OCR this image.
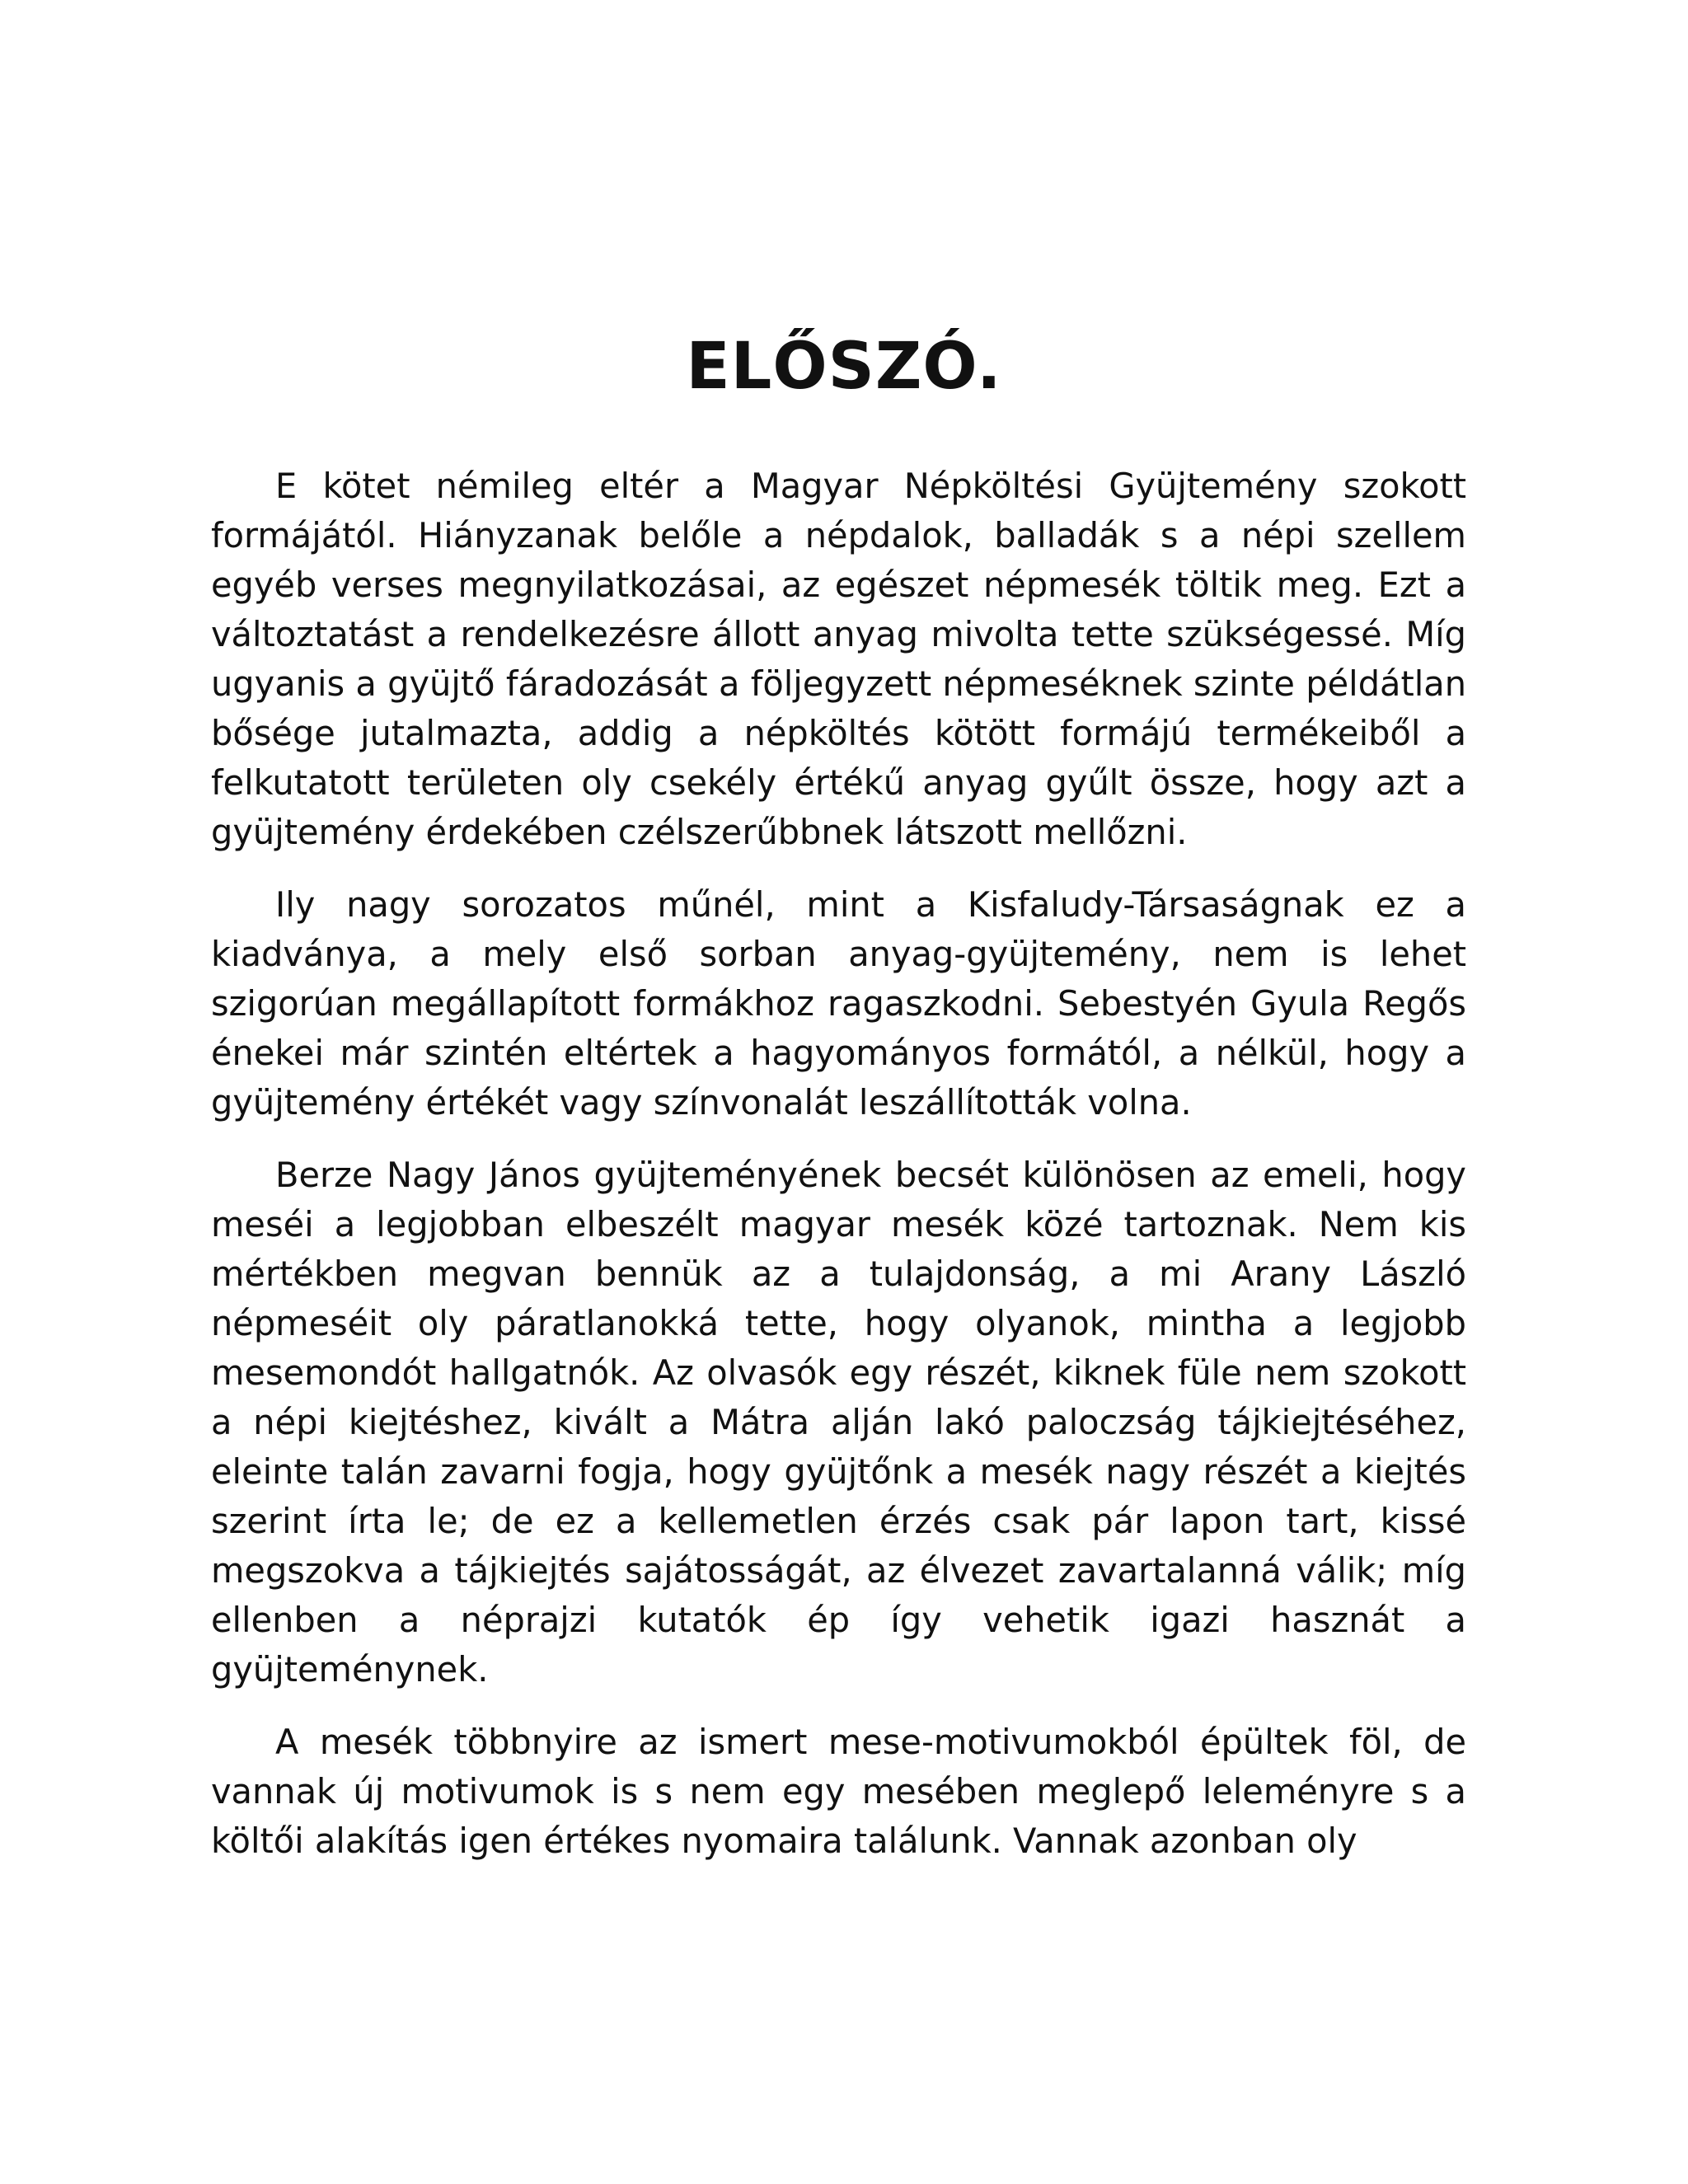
ELŐSZÓ.

E kötet némileg eltér a Magyar Népköltési Gyüjtemény szokott formájától. Hiányzanak belőle a népdalok, balladák s a népi szellem egyéb verses megnyilatkozásai, az egészet népmesék töltik meg. Ezt a változtatást a rendelkezésre állott anyag mivolta tette szükségessé. Míg ugyanis a gyüjtő fáradozását a följegyzett népmeséknek szinte példátlan bősége jutalmazta, addig a népköltés kötött formájú termékeiből a felkutatott területen oly csekély értékű anyag gyűlt össze, hogy azt a gyüjtemény érdekében czélszerűbbnek látszott mellőzni.

Ily nagy sorozatos műnél, mint a Kisfaludy-Társaságnak ez a kiadványa, a mely első sorban anyag-gyüjtemény, nem is lehet szigorúan megállapított formákhoz ragaszkodni. Sebestyén Gyula Regős énekei már szintén eltértek a hagyományos formától, a nélkül, hogy a gyüjtemény értékét vagy színvonalát leszállították volna.

Berze Nagy János gyüjteményének becsét különösen az emeli, hogy meséi a legjobban elbeszélt magyar mesék közé tartoznak. Nem kis mértékben megvan bennük az a tulajdonság, a mi Arany László népmeséit oly páratlanokká tette, hogy olyanok, mintha a legjobb mesemondót hallgatnók. Az olvasók egy részét, kiknek füle nem szokott a népi kiejtéshez, kivált a Mátra alján lakó paloczság tájkiejtéséhez, eleinte talán zavarni fogja, hogy gyüjtőnk a mesék nagy részét a kiejtés szerint írta le; de ez a kellemetlen érzés csak pár lapon tart, kissé megszokva a tájkiejtés sajátosságát, az élvezet zavartalanná válik; míg ellenben a néprajzi kutatók ép így vehetik igazi hasznát a gyüjteménynek.

A mesék többnyire az ismert mese-motivumokból épültek föl, de vannak új motivumok is s nem egy mesében meglepő leleményre s a költői alakítás igen értékes nyomaira találunk. Vannak azonban oly
